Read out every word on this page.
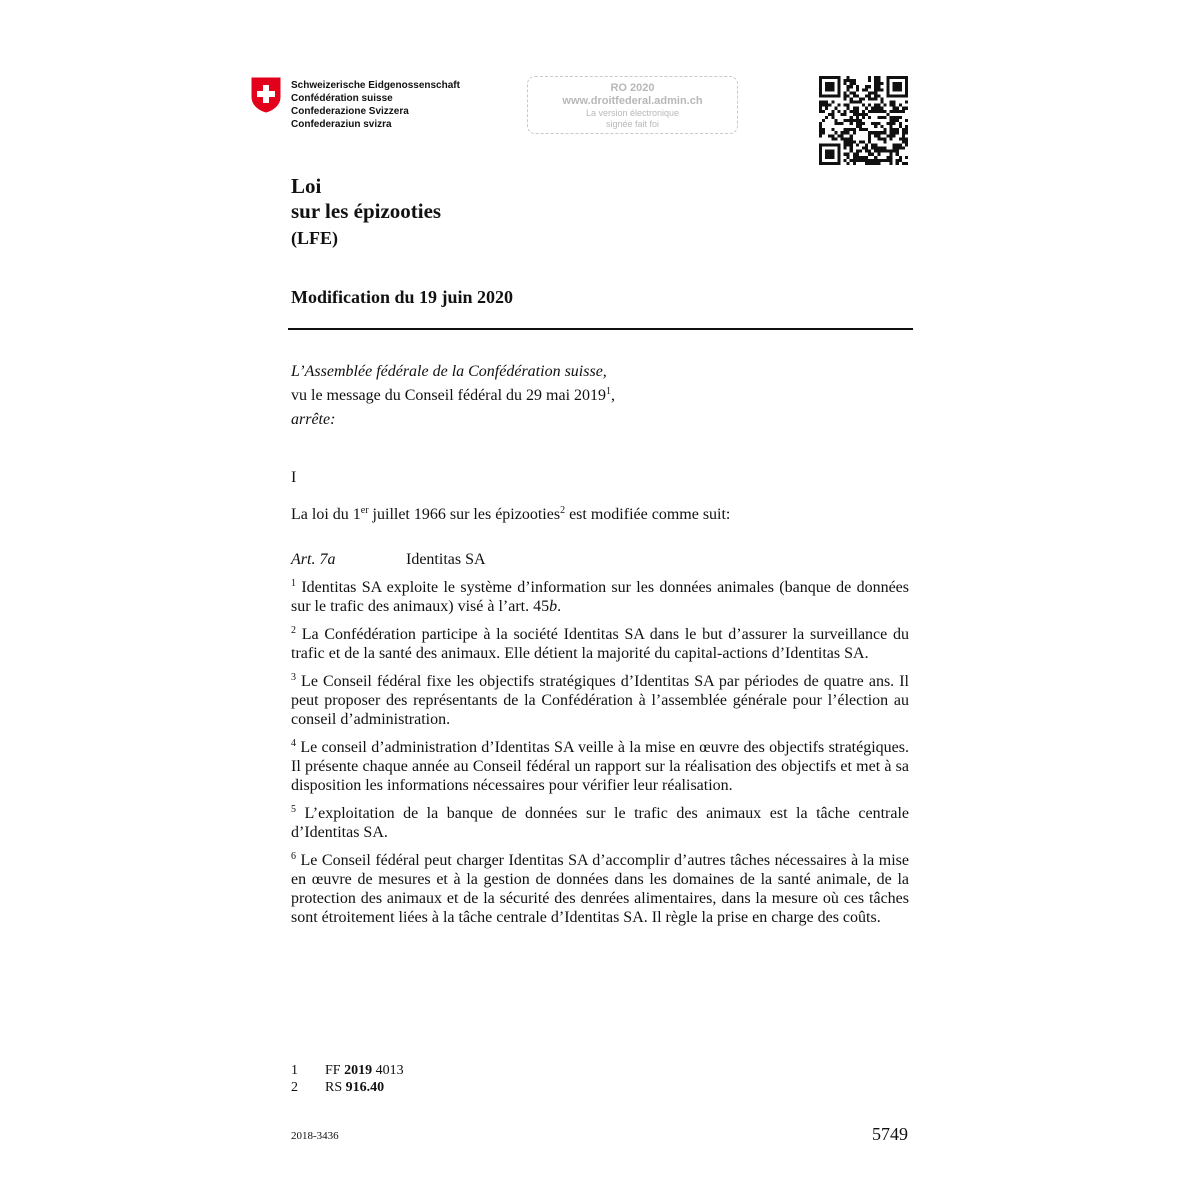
Schweizerische Eidgenossenschaft
Confédération suisse
Confederazione Svizzera
Confederaziun svizra
RO 2020
www.droitfederal.admin.ch
La version électronique
signée fait foi
Loi
sur les épizooties
(LFE)
Modification du 19 juin 2020
L’Assemblée fédérale de la Confédération suisse,
vu le message du Conseil fédéral du 29 mai 2019$^1$,
arrête:
I
La loi du 1er juillet 1966 sur les épizooties$^2$ est modifiée comme suit:
Art. 7a	Identitas SA
$^1$ Identitas SA exploite le système d’information sur les données animales (banque de données sur le trafic des animaux) visé à l’art. 45b.
$^2$ La Confédération participe à la société Identitas SA dans le but d’assurer la surveillance du trafic et de la santé des animaux. Elle détient la majorité du capital-actions d’Identitas SA.
$^3$ Le Conseil fédéral fixe les objectifs stratégiques d’Identitas SA par périodes de quatre ans. Il peut proposer des représentants de la Confédération à l’assemblée générale pour l’élection au conseil d’administration.
$^4$ Le conseil d’administration d’Identitas SA veille à la mise en œuvre des objectifs stratégiques. Il présente chaque année au Conseil fédéral un rapport sur la réalisation des objectifs et met à sa disposition les informations nécessaires pour vérifier leur réalisation.
$^5$ L’exploitation de la banque de données sur le trafic des animaux est la tâche centrale d’Identitas SA.
$^6$ Le Conseil fédéral peut charger Identitas SA d’accomplir d’autres tâches nécessaires à la mise en œuvre de mesures et à la gestion de données dans les domaines de la santé animale, de la protection des animaux et de la sécurité des denrées alimentaires, dans la mesure où ces tâches sont étroitement liées à la tâche centrale d’Identitas SA. Il règle la prise en charge des coûts.
1 FF 2019 4013
2 RS 916.40
2018-3436	5749
